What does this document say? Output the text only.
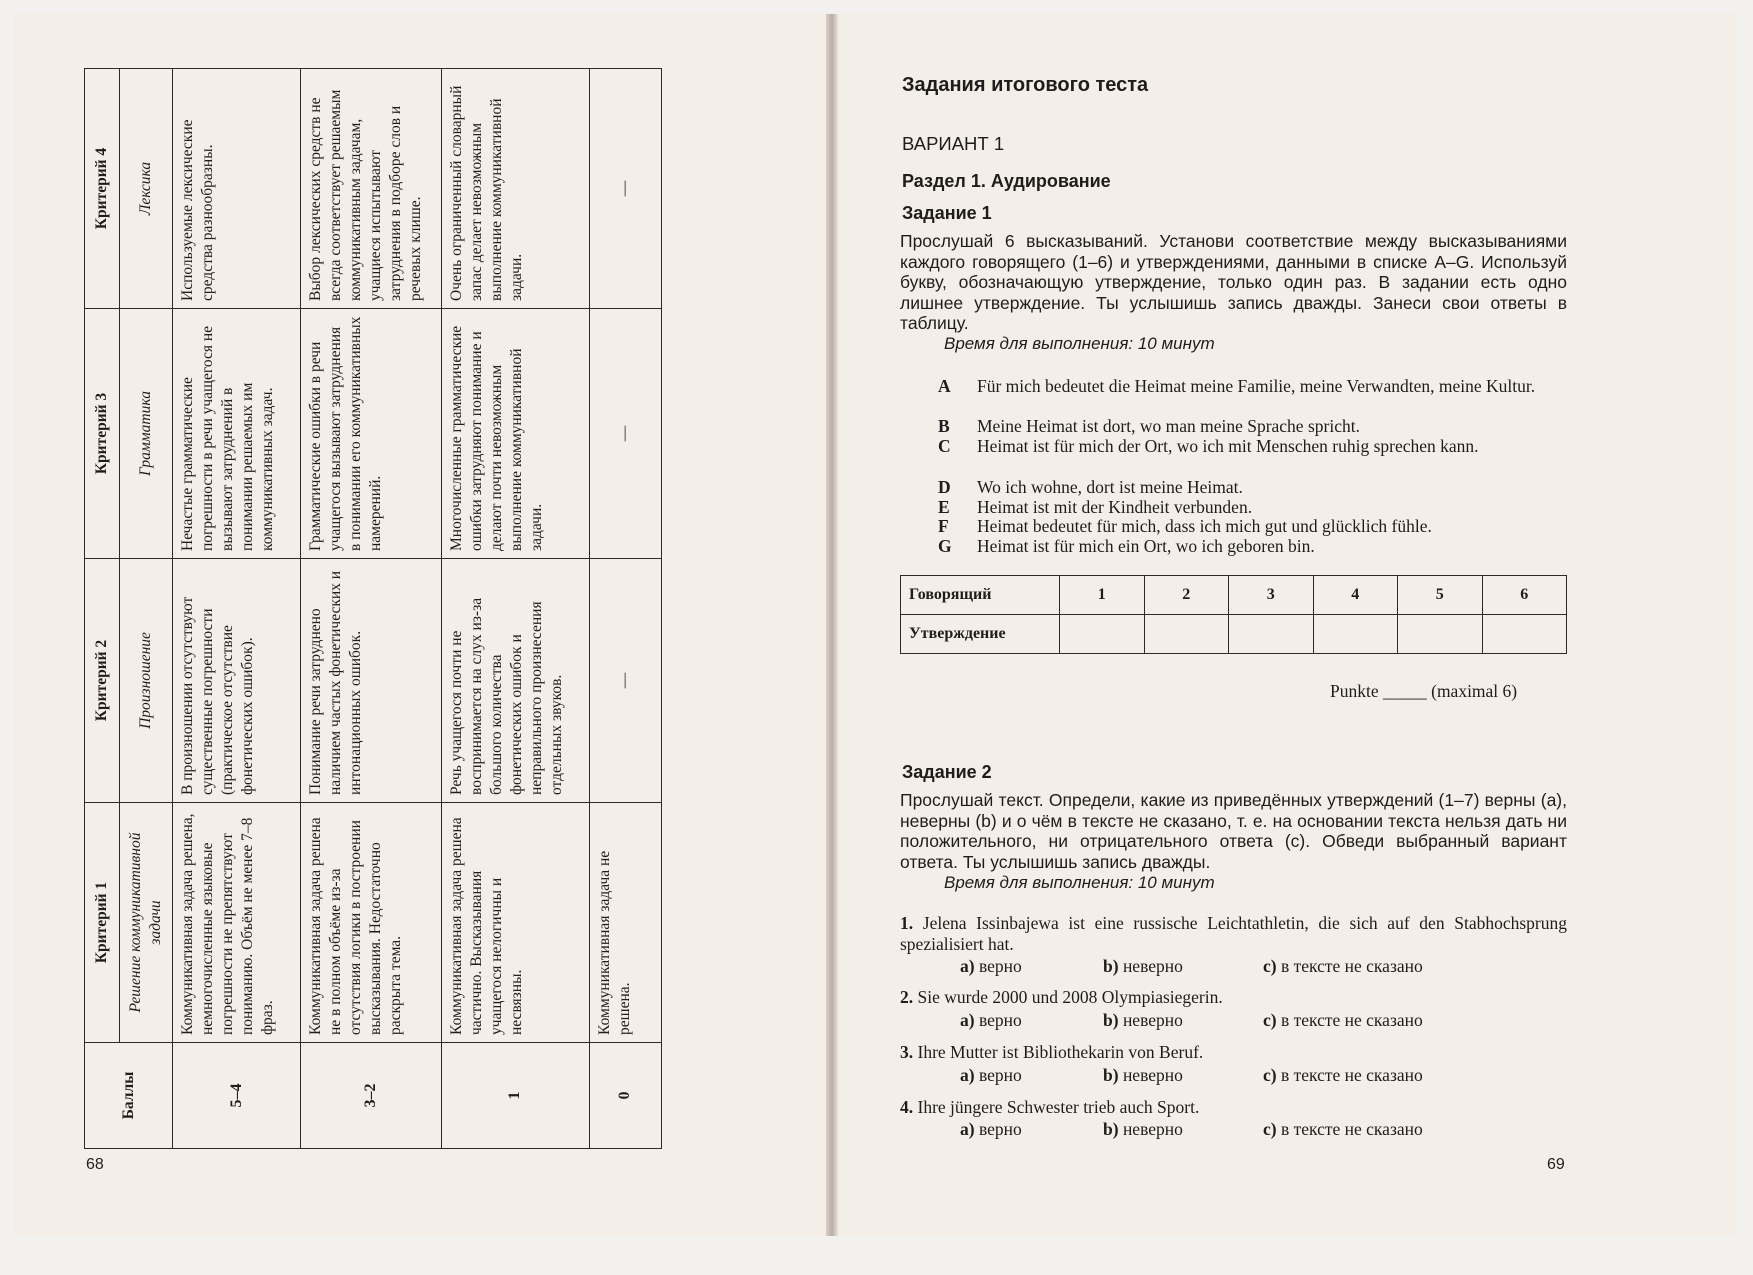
Баллы	Критерий 1	Критерий 2	Критерий 3	Критерий 4
	Решение коммуникативной задачи	Произношение	Грамматика	Лексика
5–4	Коммуникативная задача решена, немногочисленные языковые погрешности не препятствуют пониманию. Объём не менее 7–8 фраз.	В произношении отсутствуют существенные погрешности (практическое отсутствие фонетических ошибок).	Нечастые грамматические погрешности в речи учащегося не вызывают затруднений в понимании решаемых им коммуникативных задач.	Используемые лексические средства разнообразны.
3–2	Коммуникативная задача решена не в полном объёме из-за отсутствия логики в построении высказывания. Недостаточно раскрыта тема.	Понимание речи затруднено наличием частых фонетических и интонационных ошибок.	Грамматические ошибки в речи учащегося вызывают затруднения в понимании его коммуникативных намерений.	Выбор лексических средств не всегда соответствует решаемым коммуникативным задачам, учащиеся испытывают затруднения в подборе слов и речевых клише.
1	Коммуникативная задача решена частично. Высказывания учащегося нелогичны и несвязны.	Речь учащегося почти не воспринимается на слух из-за большого количества фонетических ошибок и неправильного произнесения отдельных звуков.	Многочисленные грамматические ошибки затрудняют понимание и делают почти невозможным выполнение коммуникативной задачи.	Очень ограниченный словарный запас делает невозможным выполнение коммуникативной задачи.
0	Коммуникативная задача не решена.	—	—	—
68
Задания итогового теста
ВАРИАНТ 1
Раздел 1. Аудирование
Задание 1
Прослушай 6 высказываний. Установи соответствие между высказываниями каждого говорящего (1–6) и утверждениями, данными в списке A–G. Используй букву, обозначающую утверждение, только один раз. В задании есть одно лишнее утверждение. Ты услышишь запись дважды. Занеси свои ответы в таблицу.
Время для выполнения: 10 минут
A Für mich bedeutet die Heimat meine Familie, meine Verwandten, meine Kultur.
B Meine Heimat ist dort, wo man meine Sprache spricht.
C Heimat ist für mich der Ort, wo ich mit Menschen ruhig sprechen kann.
D Wo ich wohne, dort ist meine Heimat.
E Heimat ist mit der Kindheit verbunden.
F Heimat bedeutet für mich, dass ich mich gut und glücklich fühle.
G Heimat ist für mich ein Ort, wo ich geboren bin.
Говорящий	1	2	3	4	5	6
Утверждение						
Punkte _____ (maximal 6)
Задание 2
Прослушай текст. Определи, какие из приведённых утверждений (1–7) верны (a), неверны (b) и о чём в тексте не сказано, т. е. на основании текста нельзя дать ни положительного, ни отрицательного ответа (c). Обведи выбранный вариант ответа. Ты услышишь запись дважды.
Время для выполнения: 10 минут
1. Jelena Issinbajewa ist eine russische Leichtathletin, die sich auf den Stabhochsprung spezialisiert hat.
a) верно	b) неверно	c) в тексте не сказано
2. Sie wurde 2000 und 2008 Olympiasiegerin.
a) верно	b) неверно	c) в тексте не сказано
3. Ihre Mutter ist Bibliothekarin von Beruf.
a) верно	b) неверно	c) в тексте не сказано
4. Ihre jüngere Schwester trieb auch Sport.
a) верно	b) неверно	c) в тексте не сказано
69
